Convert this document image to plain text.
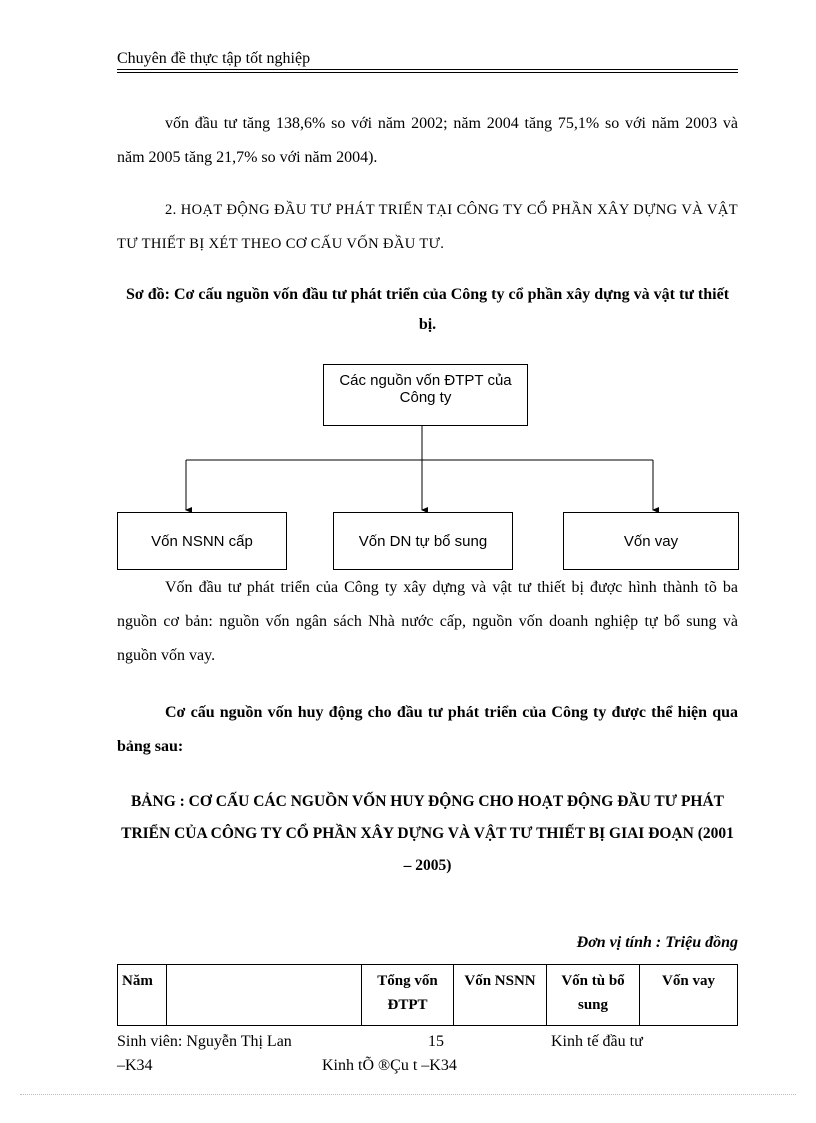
Chuyên đề thực tập tốt nghiệp
vốn đầu tư tăng 138,6% so với năm 2002; năm 2004 tăng 75,1% so với năm 2003 và năm 2005 tăng 21,7% so với năm 2004).
2. HOẠT ĐỘNG ĐẦU TƯ PHÁT TRIỂN TẠI CÔNG TY CỔ PHẦN XÂY DỰNG VÀ VẬT TƯ THIẾT BỊ XÉT THEO CƠ CẤU VỐN ĐẦU TƯ.
Sơ đồ: Cơ cấu nguồn vốn đầu tư phát triển của Công ty cổ phần xây dựng và vật tư thiết bị.
Các nguồn vốn ĐTPT của Công ty
Vốn NSNN cấp	Vốn DN tự bổ sung	Vốn vay
Vốn đầu tư phát triển của Công ty xây dựng và vật tư thiết bị được hình thành tõ ba nguồn cơ bản: nguồn vốn ngân sách Nhà nước cấp, nguồn vốn doanh nghiệp tự bổ sung và nguồn vốn vay.
Cơ cấu nguồn vốn huy động cho đầu tư phát triển của Công ty được thể hiện qua bảng sau:
BẢNG : CƠ CẤU CÁC NGUỒN VỐN HUY ĐỘNG CHO HOẠT ĐỘNG ĐẦU TƯ PHÁT TRIỂN CỦA CÔNG TY CỔ PHẦN XÂY DỰNG VÀ VẬT TƯ THIẾT BỊ GIAI ĐOẠN (2001 – 2005)
Đơn vị tính : Triệu đồng
Năm		Tổng vốn ĐTPT	Vốn NSNN	Vốn tù bổ sung	Vốn vay
Sinh viên: Nguyễn Thị Lan	15	Kinh tế đầu tư
–K34	Kinh tÕ ®Çu t –K34
